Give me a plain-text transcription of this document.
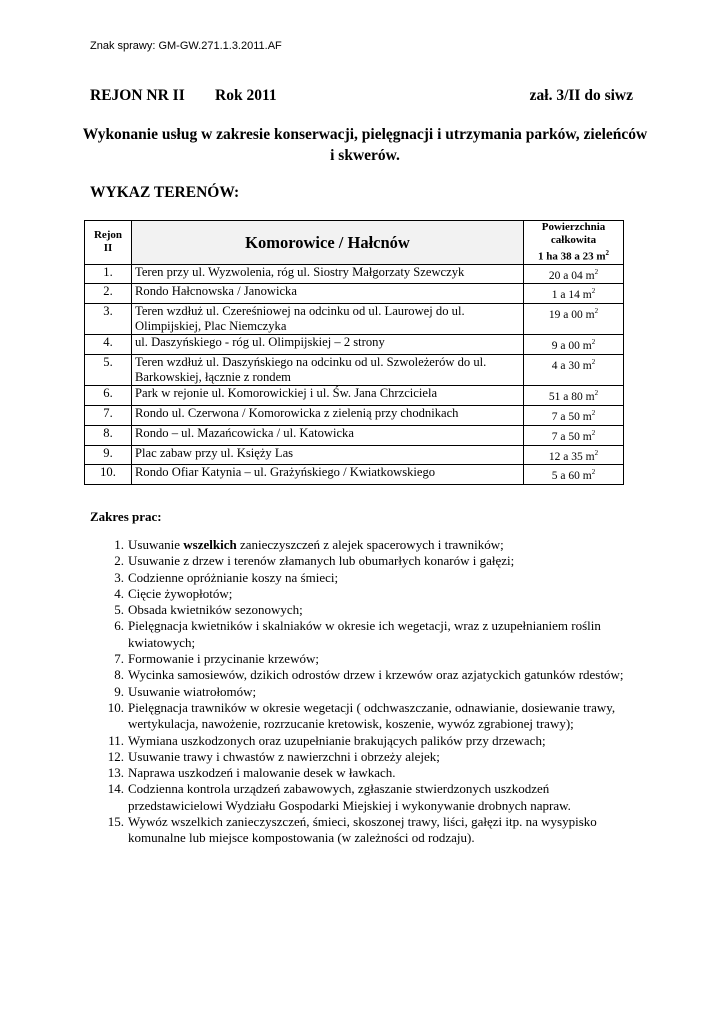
Znak sprawy: GM-GW.271.1.3.2011.AF
REJON NR II Rok 2011	zał. 3/II do siwz
Wykonanie usług w zakresie konserwacji, pielęgnacji i utrzymania parków, zieleńców i skwerów.
WYKAZ TERENÓW:
Rejon
II	Komorowice / Hałcnów	Powierzchnia
całkowita
1 ha 38 a 23 $m^2$
1.	Teren przy ul. Wyzwolenia, róg ul. Siostry Małgorzaty Szewczyk	20 a 04 $m^2$
2.	Rondo Hałcnowska / Janowicka	1 a 14 $m^2$
3.	Teren wzdłuż ul. Czereśniowej na odcinku od ul. Laurowej do ul. Olimpijskiej, Plac Niemczyka	19 a 00 $m^2$
4.	ul. Daszyńskiego - róg ul. Olimpijskiej – 2 strony	9 a 00 $m^2$
5.	Teren wzdłuż ul. Daszyńskiego na odcinku od ul. Szwoleżerów do ul. Barkowskiej, łącznie z rondem	4 a 30 $m^2$
6.	Park w rejonie ul. Komorowickiej i ul. Św. Jana Chrzciciela	51 a 80 $m^2$
7.	Rondo ul. Czerwona / Komorowicka z zielenią przy chodnikach	7 a 50 $m^2$
8.	Rondo – ul. Mazańcowicka / ul. Katowicka	7 a 50 $m^2$
9.	Plac zabaw przy ul. Księży Las	12 a 35 $m^2$
10.	Rondo Ofiar Katynia – ul. Grażyńskiego / Kwiatkowskiego	5 a 60 $m^2$
Zakres prac:
1. Usuwanie wszelkich zanieczyszczeń z alejek spacerowych i trawników;
2. Usuwanie z drzew i terenów złamanych lub obumarłych konarów i gałęzi;
3. Codzienne opróżnianie koszy na śmieci;
4. Cięcie żywopłotów;
5. Obsada kwietników sezonowych;
6. Pielęgnacja kwietników i skalniaków w okresie ich wegetacji, wraz z uzupełnianiem roślin kwiatowych;
7. Formowanie i przycinanie krzewów;
8. Wycinka samosiewów, dzikich odrostów drzew i krzewów oraz azjatyckich gatunków rdestów;
9. Usuwanie wiatrołomów;
10. Pielęgnacja trawników w okresie wegetacji ( odchwaszczanie, odnawianie, dosiewanie trawy, wertykulacja, nawożenie, rozrzucanie kretowisk, koszenie, wywóz zgrabionej trawy);
11. Wymiana uszkodzonych oraz uzupełnianie brakujących palików przy drzewach;
12. Usuwanie trawy i chwastów z nawierzchni i obrzeży alejek;
13. Naprawa uszkodzeń i malowanie desek w ławkach.
14. Codzienna kontrola urządzeń zabawowych, zgłaszanie stwierdzonych uszkodzeń przedstawicielowi Wydziału Gospodarki Miejskiej i wykonywanie drobnych napraw.
15. Wywóz wszelkich zanieczyszczeń, śmieci, skoszonej trawy, liści, gałęzi itp. na wysypisko komunalne lub miejsce kompostowania (w zależności od rodzaju).
